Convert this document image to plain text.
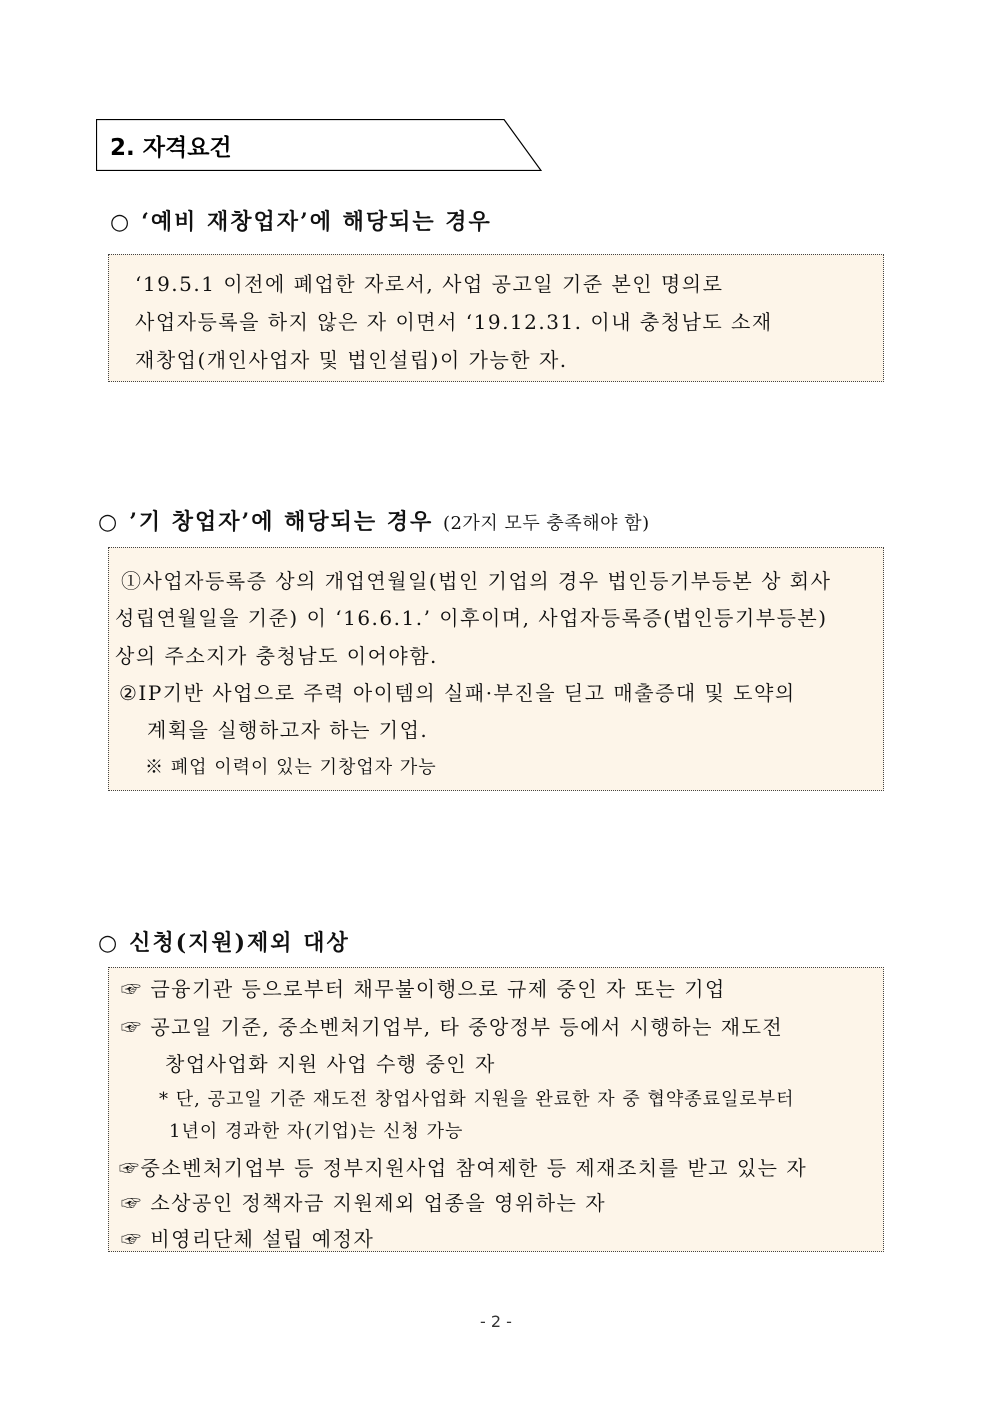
2. 자격요건
○ ‘예비 재창업자’에 해당되는 경우
‘19.5.1 이전에 폐업한 자로서, 사업 공고일 기준 본인 명의로
사업자등록을 하지 않은 자 이면서 ‘19.12.31. 이내 충청남도 소재
재창업(개인사업자 및 법인설립)이 가능한 자.
○ ’기 창업자’에 해당되는 경우 (2가지 모두 충족해야 함)
①사업자등록증 상의 개업연월일(법인 기업의 경우 법인등기부등본 상 회사
성립연월일을 기준) 이 ‘16.6.1.’ 이후이며, 사업자등록증(법인등기부등본)
상의 주소지가 충청남도 이어야함.
②IP기반 사업으로 주력 아이템의 실패·부진을 딛고 매출증대 및 도약의
계획을 실행하고자 하는 기업.
※ 폐업 이력이 있는 기창업자 가능
○ 신청(지원)제외 대상
☞ 금융기관 등으로부터 채무불이행으로 규제 중인 자 또는 기업
☞ 공고일 기준, 중소벤처기업부, 타 중앙정부 등에서 시행하는 재도전
창업사업화 지원 사업 수행 중인 자
* 단, 공고일 기준 재도전 창업사업화 지원을 완료한 자 중 협약종료일로부터
1년이 경과한 자(기업)는 신청 가능
☞중소벤처기업부 등 정부지원사업 참여제한 등 제재조치를 받고 있는 자
☞ 소상공인 정책자금 지원제외 업종을 영위하는 자
☞ 비영리단체 설립 예정자
- 2 -
